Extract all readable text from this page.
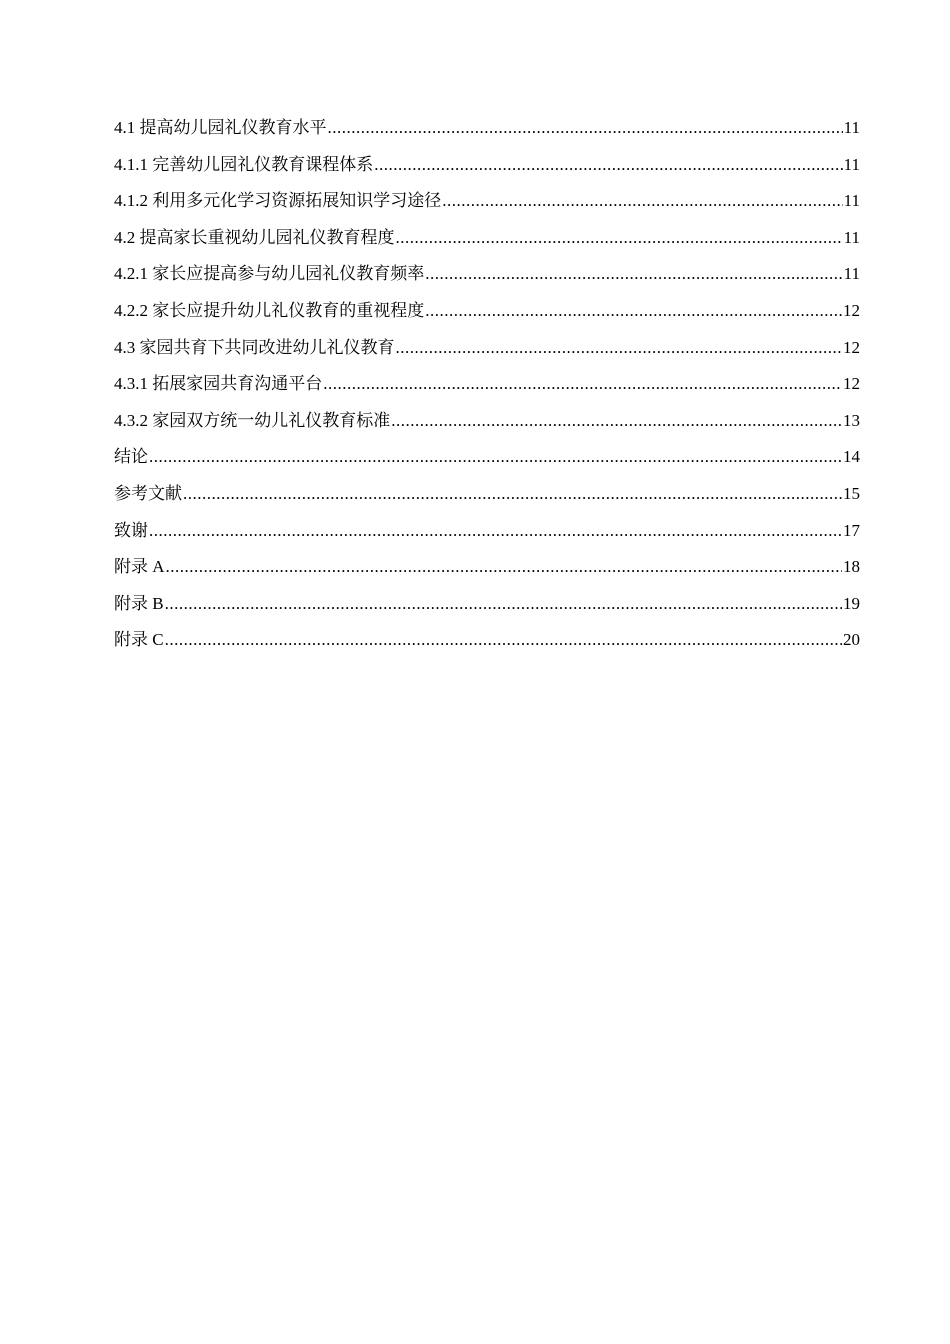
4.1 提高幼儿园礼仪教育水平 .....	11
4.1.1 完善幼儿园礼仪教育课程体系 .....	11
4.1.2 利用多元化学习资源拓展知识学习途径 .....	11
4.2 提高家长重视幼儿园礼仪教育程度 .....	11
4.2.1 家长应提高参与幼儿园礼仪教育频率 .....	11
4.2.2 家长应提升幼儿礼仪教育的重视程度 .....	12
4.3 家园共育下共同改进幼儿礼仪教育 .....	12
4.3.1 拓展家园共育沟通平台 .....	12
4.3.2 家园双方统一幼儿礼仪教育标准 .....	13
结论 .....	14
参考文献 .....	15
致谢 .....	17
附录 A .....	18
附录 B .....	19
附录 C .....	20
